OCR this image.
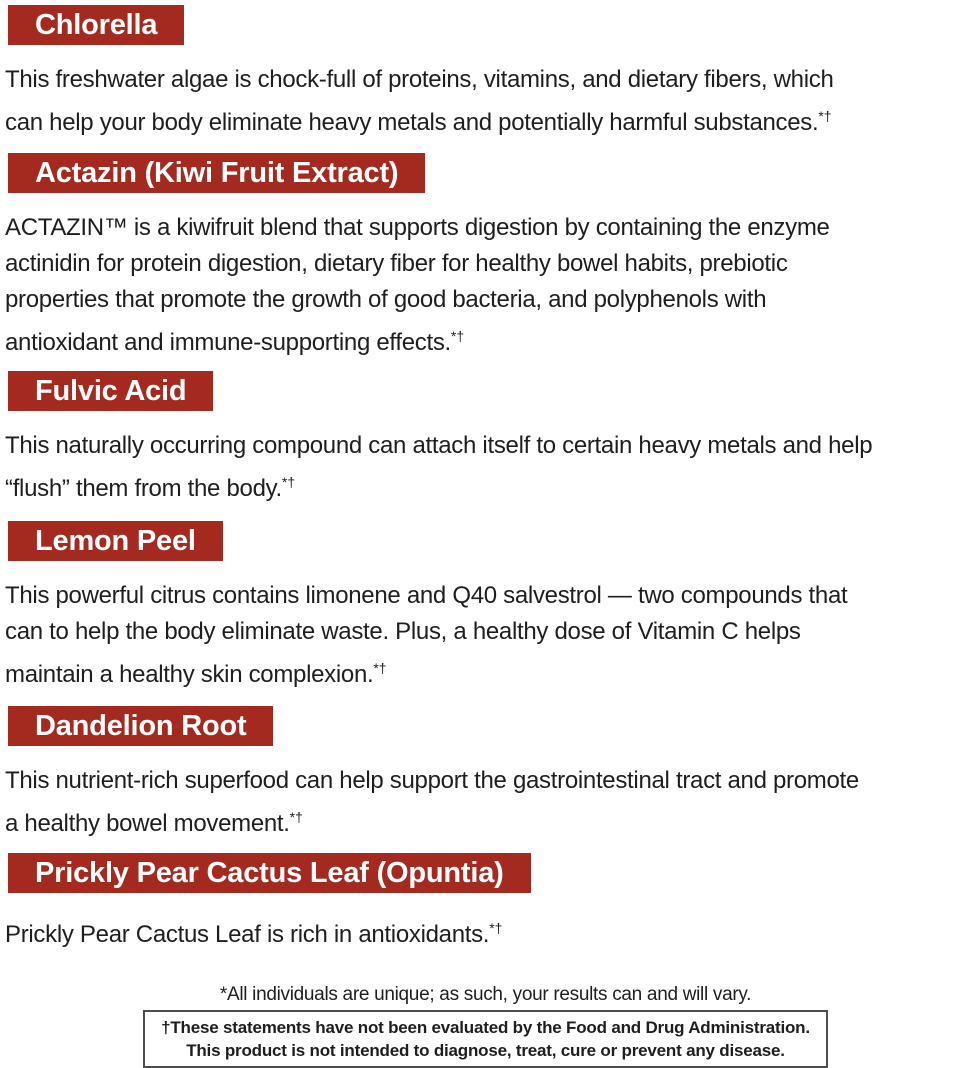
Chlorella
This freshwater algae is chock-full of proteins, vitamins, and dietary fibers, which
can help your body eliminate heavy metals and potentially harmful substances.*†
Actazin (Kiwi Fruit Extract)
ACTAZIN™ is a kiwifruit blend that supports digestion by containing the enzyme
actinidin for protein digestion, dietary fiber for healthy bowel habits, prebiotic
properties that promote the growth of good bacteria, and polyphenols with
antioxidant and immune-supporting effects.*†
Fulvic Acid
This naturally occurring compound can attach itself to certain heavy metals and help
“flush” them from the body.*†
Lemon Peel
This powerful citrus contains limonene and Q40 salvestrol — two compounds that
can to help the body eliminate waste. Plus, a healthy dose of Vitamin C helps
maintain a healthy skin complexion.*†
Dandelion Root
This nutrient-rich superfood can help support the gastrointestinal tract and promote
a healthy bowel movement.*†
Prickly Pear Cactus Leaf (Opuntia)
Prickly Pear Cactus Leaf is rich in antioxidants.*†
*All individuals are unique; as such, your results can and will vary.
†These statements have not been evaluated by the Food and Drug Administration.
This product is not intended to diagnose, treat, cure or prevent any disease.
